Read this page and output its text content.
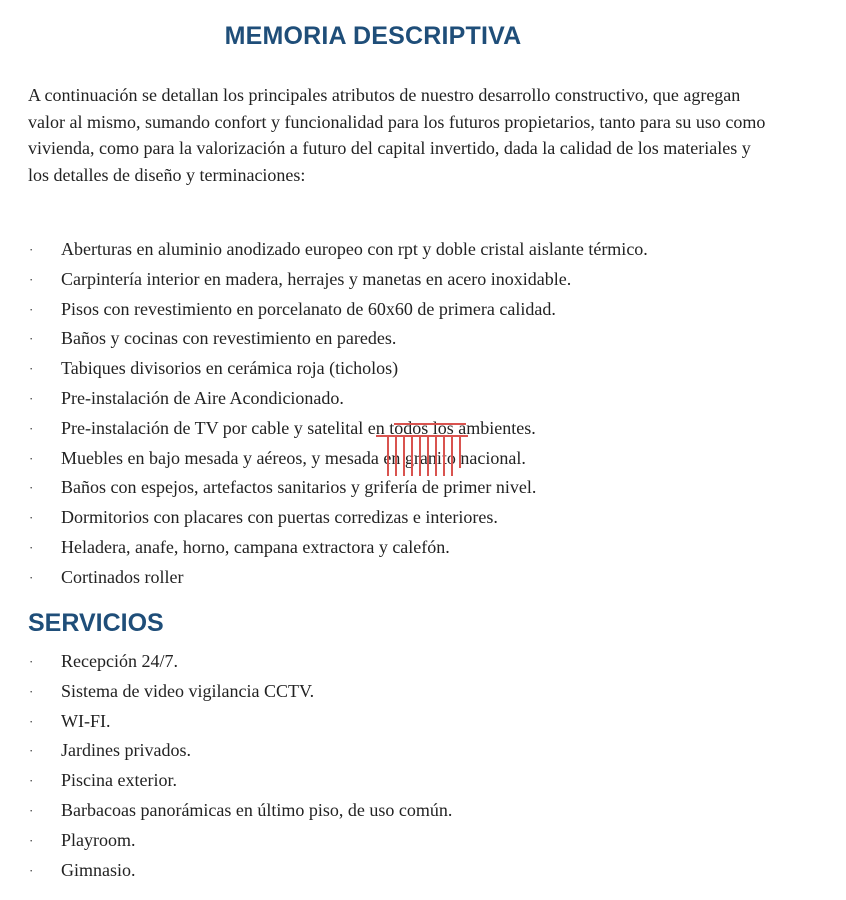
MEMORIA DESCRIPTIVA
A continuación se detallan los principales atributos de nuestro desarrollo constructivo, que agregan valor al mismo, sumando confort y funcionalidad para los futuros propietarios, tanto para su uso como vivienda, como para la valorización a futuro del capital invertido, dada la calidad de los materiales y los detalles de diseño y terminaciones:
·	Aberturas en aluminio anodizado europeo con rpt y doble cristal aislante térmico.
·	Carpintería interior en madera, herrajes y manetas en acero inoxidable.
·	Pisos con revestimiento en porcelanato de 60x60 de primera calidad.
·	Baños y cocinas con revestimiento en paredes.
·	Tabiques divisorios en cerámica roja (ticholos)
·	Pre-instalación de Aire Acondicionado.
·	Pre-instalación de TV por cable y satelital en todos los ambientes.
·	Muebles en bajo mesada y aéreos, y mesada en granito nacional.
·	Baños con espejos, artefactos sanitarios y grifería de primer nivel.
·	Dormitorios con placares con puertas corredizas e interiores.
·	Heladera, anafe, horno, campana extractora y calefón.
·	Cortinados roller
SERVICIOS
·	Recepción 24/7.
·	Sistema de video vigilancia CCTV.
·	WI-FI.
·	Jardines privados.
·	Piscina exterior.
·	Barbacoas panorámicas en último piso, de uso común.
·	Playroom.
·	Gimnasio.
